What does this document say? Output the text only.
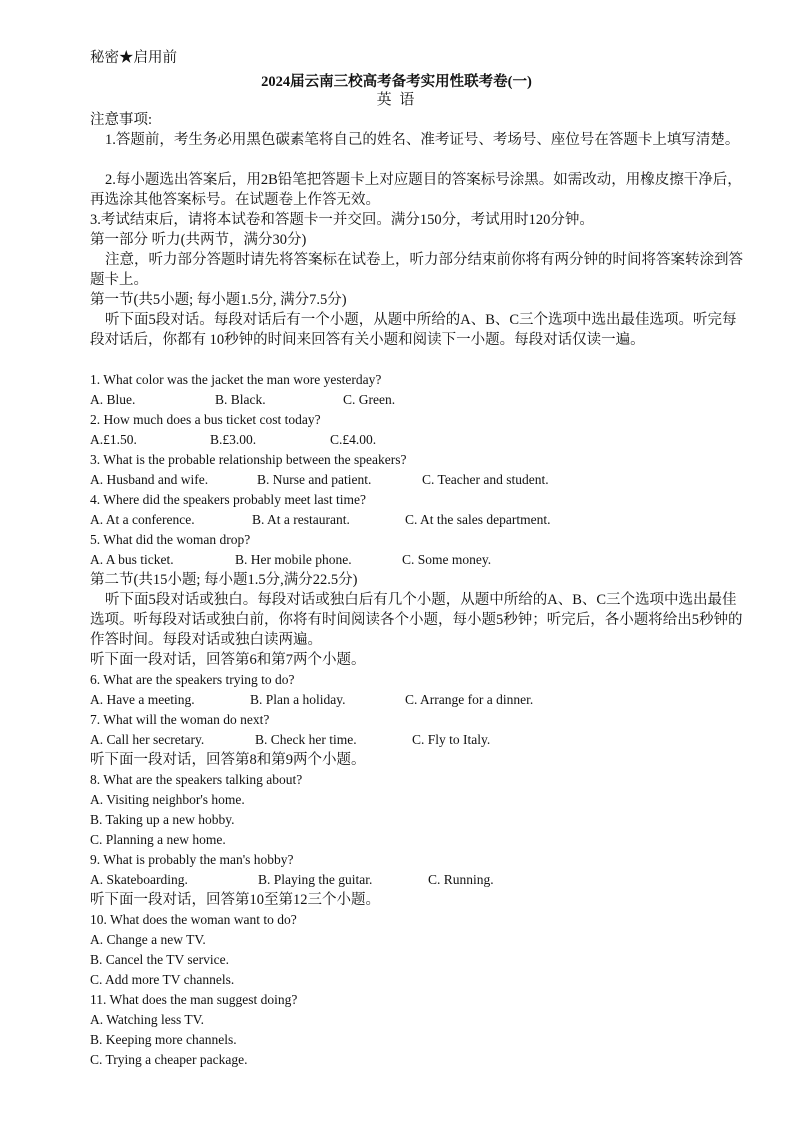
秘密★启用前
2024届云南三校高考备考实用性联考卷(一)
英 语
注意事项:
1.答题前，考生务必用黑色碳素笔将自己的姓名、准考证号、考场号、座位号在答题卡上填写清楚。
2.每小题选出答案后，用2B铅笔把答题卡上对应题目的答案标号涂黑。如需改动，用橡皮擦干净后，再选涂其他答案标号。在试题卷上作答无效。
3.考试结束后，请将本试卷和答题卡一并交回。满分150分，考试用时120分钟。
第一部分 听力(共两节，满分30分)
注意，听力部分答题时请先将答案标在试卷上，听力部分结束前你将有两分钟的时间将答案转涂到答题卡上。
第一节(共5小题; 每小题1.5分, 满分7.5分)
听下面5段对话。每段对话后有一个小题，从题中所给的A、B、C三个选项中选出最佳选项。听完每段对话后，你都有 10秒钟的时间来回答有关小题和阅读下一小题。每段对话仅读一遍。
1. What color was the jacket the man wore yesterday?
A. Blue.	B. Black.	C. Green.
2. How much does a bus ticket cost today?
A.£1.50.	B.£3.00.	C.£4.00.
3. What is the probable relationship between the speakers?
A. Husband and wife.	B. Nurse and patient.	C. Teacher and student.
4. Where did the speakers probably meet last time?
A. At a conference.	B. At a restaurant.	C. At the sales department.
5. What did the woman drop?
A. A bus ticket.	B. Her mobile phone.	C. Some money.
第二节(共15小题; 每小题1.5分,满分22.5分)
听下面5段对话或独白。每段对话或独白后有几个小题，从题中所给的A、B、C三个选项中选出最佳选项。听每段对话或独白前，你将有时间阅读各个小题，每小题5秒钟；听完后，各小题将给出5秒钟的作答时间。每段对话或独白读两遍。
听下面一段对话，回答第6和第7两个小题。
6. What are the speakers trying to do?
A. Have a meeting.	B. Plan a holiday.	C. Arrange for a dinner.
7. What will the woman do next?
A. Call her secretary.	B. Check her time.	C. Fly to Italy.
听下面一段对话，回答第8和第9两个小题。
8. What are the speakers talking about?
A. Visiting neighbor's home.
B. Taking up a new hobby.
C. Planning a new home.
9. What is probably the man's hobby?
A. Skateboarding.	B. Playing the guitar.	C. Running.
听下面一段对话，回答第10至第12三个小题。
10. What does the woman want to do?
A. Change a new TV.
B. Cancel the TV service.
C. Add more TV channels.
11. What does the man suggest doing?
A. Watching less TV.
B. Keeping more channels.
C. Trying a cheaper package.
